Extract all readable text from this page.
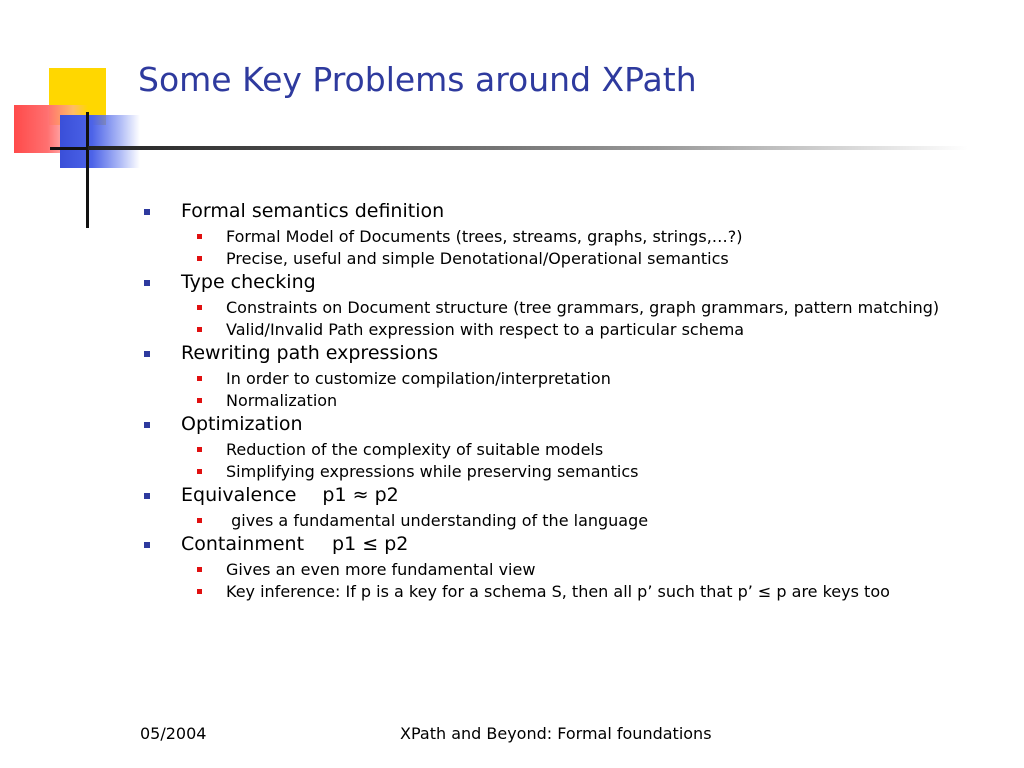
Some Key Problems around XPath
Formal semantics definition
Formal Model of Documents (trees, streams, graphs, strings,…?)
Precise, useful and simple Denotational/Operational semantics
Type checking
Constraints on Document structure (tree grammars, graph grammars, pattern matching)
Valid/Invalid Path expression with respect to a particular schema
Rewriting path expressions
In order to customize compilation/interpretation
Normalization
Optimization
Reduction of the complexity of suitable models
Simplifying expressions while preserving semantics
Equivalence p1 ≈ p2
gives a fundamental understanding of the language
Containment p1 ≤ p2
Gives an even more fundamental view
Key inference: If p is a key for a schema S, then all p’ such that p’ ≤ p are keys too
05/2004	XPath and Beyond: Formal foundations
